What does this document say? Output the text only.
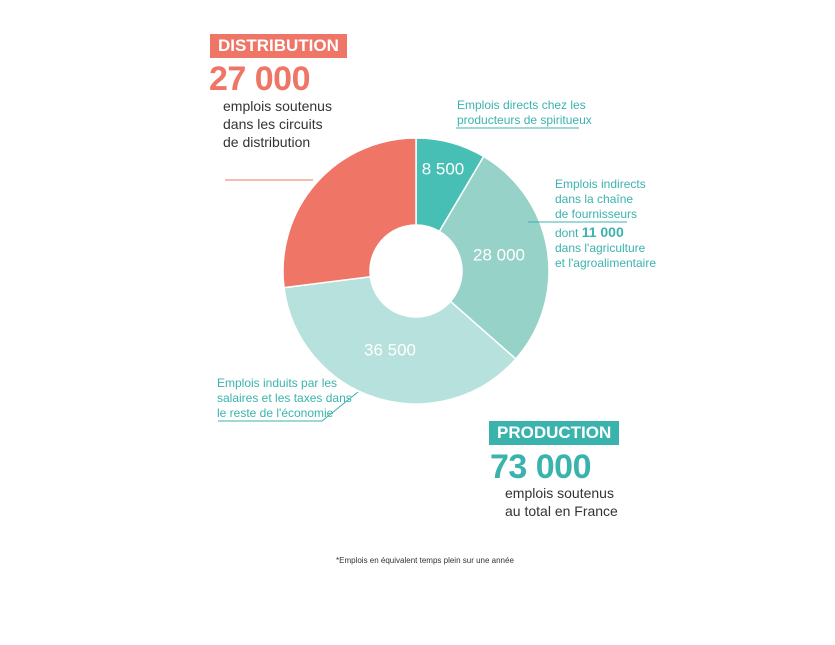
DISTRIBUTION
27 000
emplois soutenus
dans les circuits
de distribution
Emplois directs chez les
producteurs de spiritueux
Emplois indirects
dans la chaîne
de fournisseurs
dont 11 000
dans l'agriculture
et l'agroalimentaire
Emplois induits par les
salaires et les taxes dans
le reste de l'économie
8 500
28 000
36 500
PRODUCTION
73 000
emplois soutenus
au total en France
*Emplois en équivalent temps plein sur une année
